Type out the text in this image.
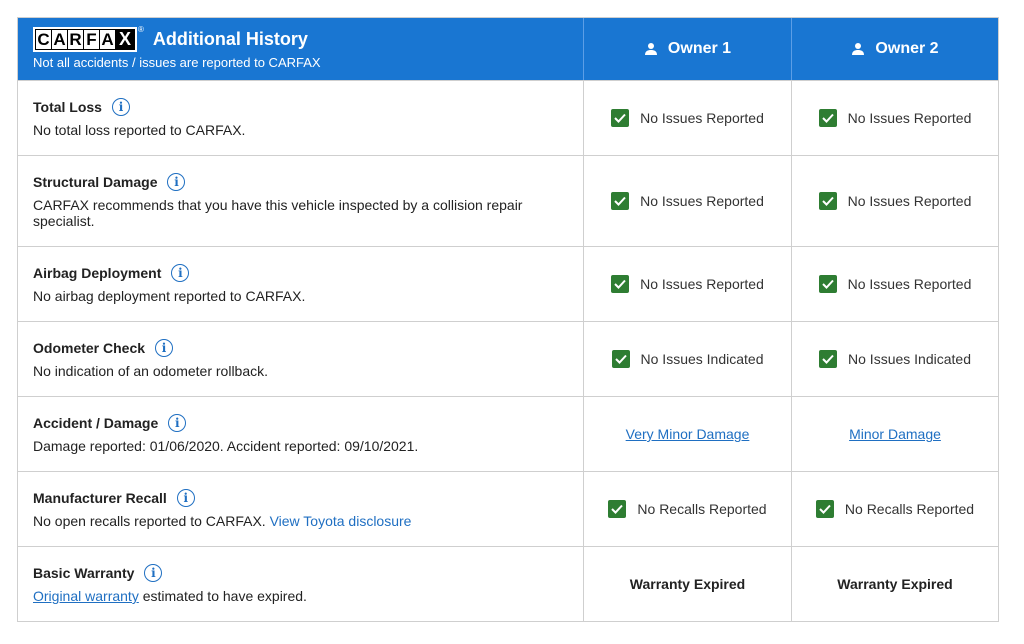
C A R F A X ® Additional History
Not all accidents / issues are reported to CARFAX
Owner 1	Owner 2
Total Loss	i
No total loss reported to CARFAX.
No Issues Reported	No Issues Reported
Structural Damage	i
CARFAX recommends that you have this vehicle inspected by a collision repair specialist.
No Issues Reported	No Issues Reported
Airbag Deployment	i
No airbag deployment reported to CARFAX.
No Issues Reported	No Issues Reported
Odometer Check	i
No indication of an odometer rollback.
No Issues Indicated	No Issues Indicated
Accident / Damage	i
Damage reported: 01/06/2020. Accident reported: 09/10/2021.
Very Minor Damage	Minor Damage
Manufacturer Recall	i
No open recalls reported to CARFAX. View Toyota disclosure
No Recalls Reported	No Recalls Reported
Basic Warranty	i
Original warranty estimated to have expired.
Warranty Expired	Warranty Expired
